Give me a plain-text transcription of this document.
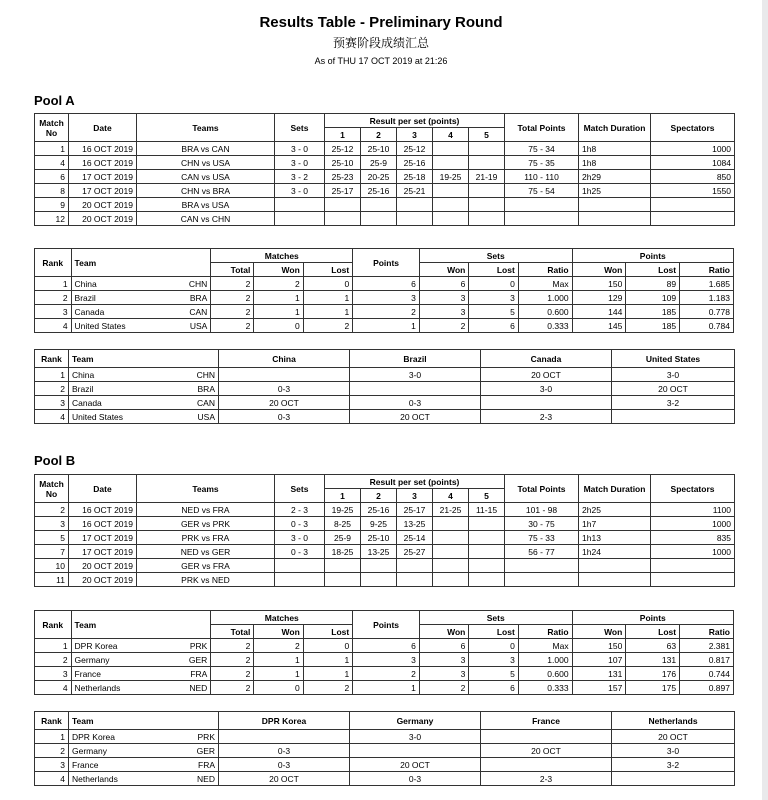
Results Table - Preliminary Round
预赛阶段成绩汇总
As of THU 17 OCT 2019 at 21:26
Pool A
Match
No	Date	Teams	Sets	Result per set (points)					Total Points	Match Duration	Spectators
				1	2	3	4	5			
1	16 OCT 2019	BRA vs CAN	3 - 0	25-12	25-10	25-12			75 - 34	1h8	1000
4	16 OCT 2019	CHN vs USA	3 - 0	25-10	25-9	25-16			75 - 35	1h8	1084
6	17 OCT 2019	CAN vs USA	3 - 2	25-23	20-25	25-18	19-25	21-19	110 - 110	2h29	850
8	17 OCT 2019	CHN vs BRA	3 - 0	25-17	25-16	25-21			75 - 54	1h25	1550
9	20 OCT 2019	BRA vs USA									
12	20 OCT 2019	CAN vs CHN									
Rank	Team		Matches			Points	Sets			Points		
			Total	Won	Lost		Won	Lost	Ratio	Won	Lost	Ratio
1	China	CHN	2	2	0	6	6	0	Max	150	89	1.685
2	Brazil	BRA	2	1	1	3	3	3	1.000	129	109	1.183
3	Canada	CAN	2	1	1	2	3	5	0.600	144	185	0.778
4	United States	USA	2	0	2	1	2	6	0.333	145	185	0.784
Rank	Team	China	Brazil	Canada	United States
1	China CHN		3-0	20 OCT	3-0
2	Brazil BRA	0-3		3-0	20 OCT
3	Canada CAN	20 OCT	0-3		3-2
4	United States USA	0-3	20 OCT	2-3	
Pool B
Match
No	Date	Teams	Sets	Result per set (points)					Total Points	Match Duration	Spectators
				1	2	3	4	5			
2	16 OCT 2019	NED vs FRA	2 - 3	19-25	25-16	25-17	21-25	11-15	101 - 98	2h25	1100
3	16 OCT 2019	GER vs PRK	0 - 3	8-25	9-25	13-25			30 - 75	1h7	1000
5	17 OCT 2019	PRK vs FRA	3 - 0	25-9	25-10	25-14			75 - 33	1h13	835
7	17 OCT 2019	NED vs GER	0 - 3	18-25	13-25	25-27			56 - 77	1h24	1000
10	20 OCT 2019	GER vs FRA									
11	20 OCT 2019	PRK vs NED									
Rank	Team		Matches			Points	Sets			Points		
			Total	Won	Lost		Won	Lost	Ratio	Won	Lost	Ratio
1	DPR Korea	PRK	2	2	0	6	6	0	Max	150	63	2.381
2	Germany	GER	2	1	1	3	3	3	1.000	107	131	0.817
3	France	FRA	2	1	1	2	3	5	0.600	131	176	0.744
4	Netherlands	NED	2	0	2	1	2	6	0.333	157	175	0.897
Rank	Team	DPR Korea	Germany	France	Netherlands
1	DPR Korea PRK		3-0		20 OCT
2	Germany GER	0-3		20 OCT	3-0
3	France FRA	0-3	20 OCT		3-2
4	Netherlands NED	20 OCT	0-3	2-3	
